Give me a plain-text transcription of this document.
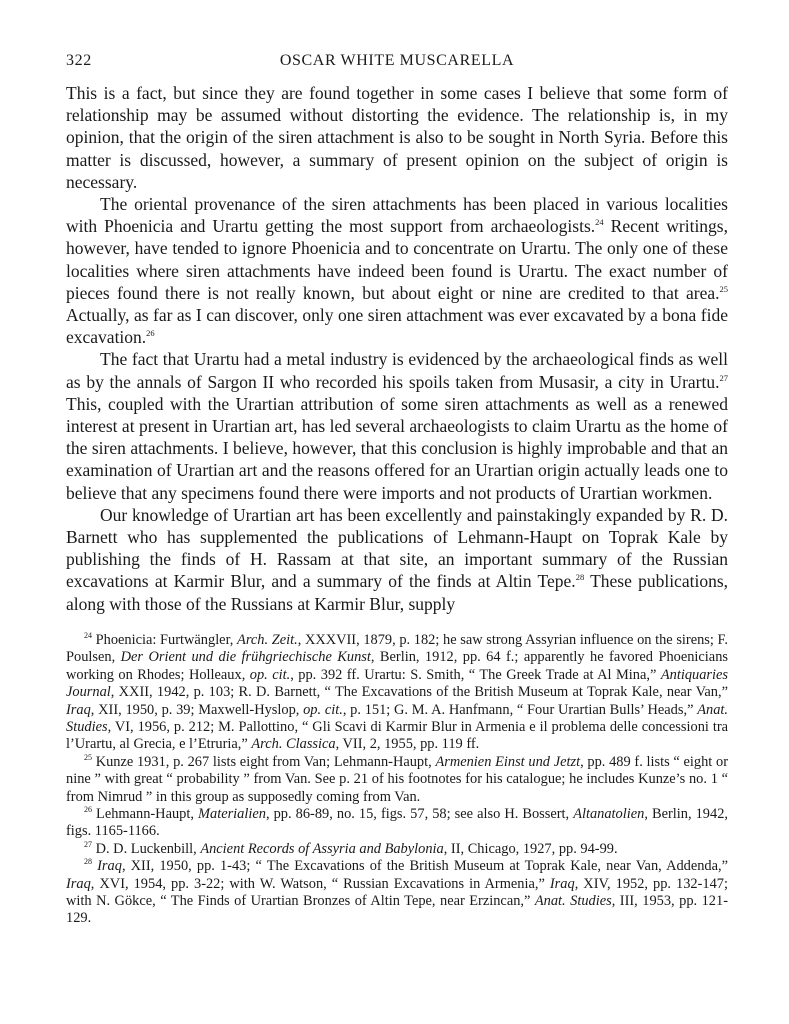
322	OSCAR WHITE MUSCARELLA

This is a fact, but since they are found together in some cases I believe that some form of relationship may be assumed without distorting the evidence. The relationship is, in my opinion, that the origin of the siren attachment is also to be sought in North Syria. Before this matter is discussed, however, a summary of present opinion on the subject of origin is necessary.

The oriental provenance of the siren attachments has been placed in various localities with Phoenicia and Urartu getting the most support from archaeologists.$^{24}$ Recent writings, however, have tended to ignore Phoenicia and to concentrate on Urartu. The only one of these localities where siren attachments have indeed been found is Urartu. The exact number of pieces found there is not really known, but about eight or nine are credited to that area.$^{25}$ Actually, as far as I can discover, only one siren attachment was ever excavated by a bona fide excavation.$^{26}$

The fact that Urartu had a metal industry is evidenced by the archaeological finds as well as by the annals of Sargon II who recorded his spoils taken from Musasir, a city in Urartu.$^{27}$ This, coupled with the Urartian attribution of some siren attachments as well as a renewed interest at present in Urartian art, has led several archaeologists to claim Urartu as the home of the siren attachments. I believe, however, that this conclusion is highly improbable and that an examination of Urartian art and the reasons offered for an Urartian origin actually leads one to believe that any specimens found there were imports and not products of Urartian workmen.

Our knowledge of Urartian art has been excellently and painstakingly expanded by R. D. Barnett who has supplemented the publications of Lehmann-Haupt on Toprak Kale by publishing the finds of H. Rassam at that site, an important summary of the Russian excavations at Karmir Blur, and a summary of the finds at Altin Tepe.$^{28}$ These publications, along with those of the Russians at Karmir Blur, supply

$^{24}$ Phoenicia: Furtwängler, Arch. Zeit., XXXVII, 1879, p. 182; he saw strong Assyrian influence on the sirens; F. Poulsen, Der Orient und die frühgriechische Kunst, Berlin, 1912, pp. 64 f.; apparently he favored Phoenicians working on Rhodes; Holleaux, op. cit., pp. 392 ff. Urartu: S. Smith, “ The Greek Trade at Al Mina,” Antiquaries Journal, XXII, 1942, p. 103; R. D. Barnett, “ The Excavations of the British Museum at Toprak Kale, near Van,” Iraq, XII, 1950, p. 39; Maxwell-Hyslop, op. cit., p. 151; G. M. A. Hanfmann, “ Four Urartian Bulls’ Heads,” Anat. Studies, VI, 1956, p. 212; M. Pallottino, “ Gli Scavi di Karmir Blur in Armenia e il problema delle concessioni tra l’Urartu, al Grecia, e l’Etruria,” Arch. Classica, VII, 2, 1955, pp. 119 ff.

$^{25}$ Kunze 1931, p. 267 lists eight from Van; Lehmann-Haupt, Armenien Einst und Jetzt, pp. 489 f. lists “ eight or nine ” with great “ probability ” from Van. See p. 21 of his footnotes for his catalogue; he includes Kunze’s no. 1 “ from Nimrud ” in this group as supposedly coming from Van.

$^{26}$ Lehmann-Haupt, Materialien, pp. 86-89, no. 15, figs. 57, 58; see also H. Bossert, Altanatolien, Berlin, 1942, figs. 1165-1166.

$^{27}$ D. D. Luckenbill, Ancient Records of Assyria and Babylonia, II, Chicago, 1927, pp. 94-99.

$^{28}$ Iraq, XII, 1950, pp. 1-43; “ The Excavations of the British Museum at Toprak Kale, near Van, Addenda,” Iraq, XVI, 1954, pp. 3-22; with W. Watson, “ Russian Excavations in Armenia,” Iraq, XIV, 1952, pp. 132-147; with N. Gökce, “ The Finds of Urartian Bronzes of Altin Tepe, near Erzincan,” Anat. Studies, III, 1953, pp. 121-129.
